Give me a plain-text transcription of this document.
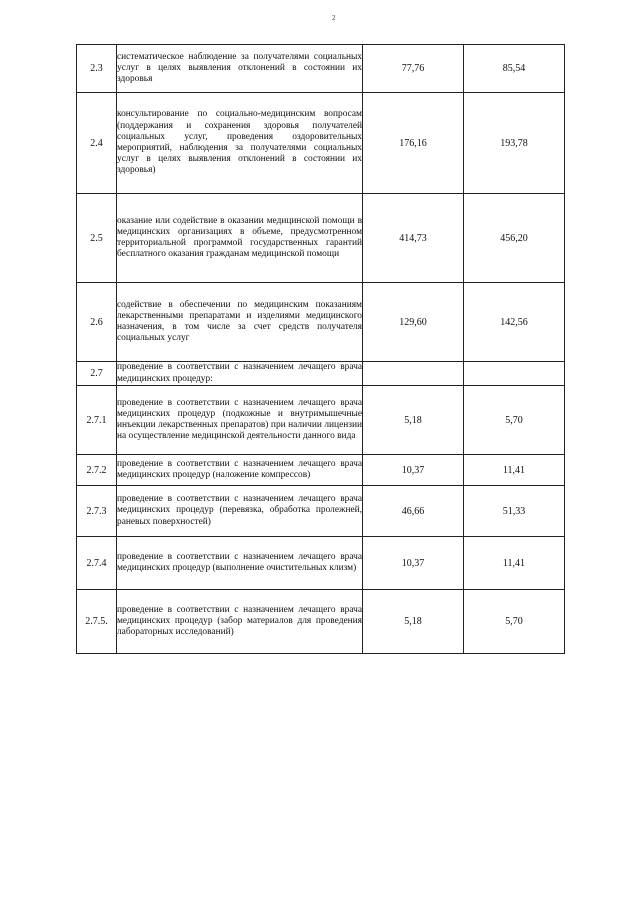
2
2.3	систематическое наблюдение за получателями социальных услуг в целях выявления отклонений в состоянии их здоровья	77,76	85,54
2.4	консультирование по социально-медицинским вопросам (поддержания и сохранения здоровья получателей социальных услуг, проведения оздоровительных мероприятий, наблюдения за получателями социальных услуг в целях выявления отклонений в состоянии их здоровья)	176,16	193,78
2.5	оказание или содействие в оказании медицинской помощи в медицинских организациях в объеме, предусмотренном территориальной программой государственных гарантий бесплатного оказания гражданам медицинской помощи	414,73	456,20
2.6	содействие в обеспечении по медицинским показаниям лекарственными препаратами и изделиями медицинского назначения, в том числе за счет средств получателя социальных услуг	129,60	142,56
2.7	проведение в соответствии с назначением лечащего врача медицинских процедур:		
2.7.1	проведение в соответствии с назначением лечащего врача медицинских процедур (подкожные и внутримышечные инъекции лекарственных препаратов) при наличии лицензии на осуществление медицинской деятельности данного вида	5,18	5,70
2.7.2	проведение в соответствии с назначением лечащего врача медицинских процедур (наложение компрессов)	10,37	11,41
2.7.3	проведение в соответствии с назначением лечащего врача медицинских процедур (перевязка, обработка пролежней, раневых поверхностей)	46,66	51,33
2.7.4	проведение в соответствии с назначением лечащего врача медицинских процедур (выполнение очистительных клизм)	10,37	11,41
2.7.5.	проведение в соответствии с назначением лечащего врача медицинских процедур (забор материалов для проведения лабораторных исследований)	5,18	5,70
